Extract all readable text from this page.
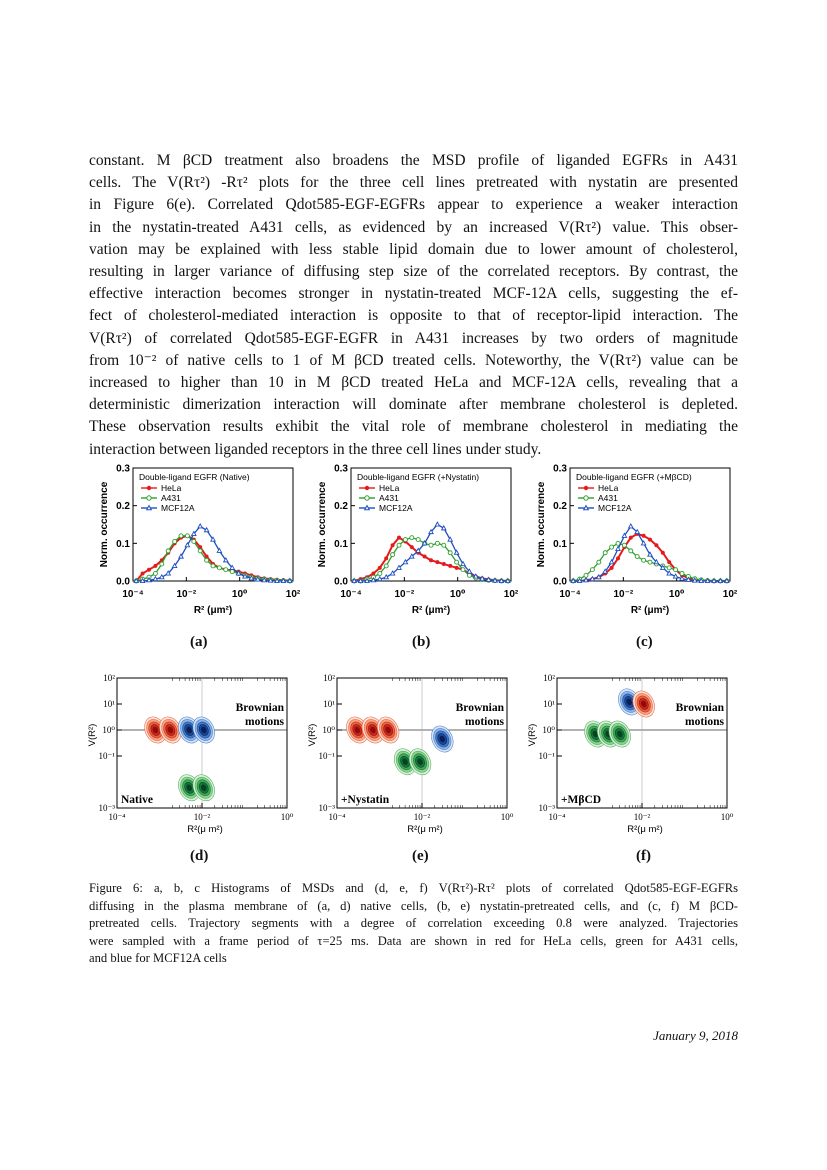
constant. M βCD treatment also broadens the MSD profile of liganded EGFRs in A431
cells. The V(Rτ²) -Rτ² plots for the three cell lines pretreated with nystatin are presented
in Figure 6(e). Correlated Qdot585-EGF-EGFRs appear to experience a weaker interaction
in the nystatin-treated A431 cells, as evidenced by an increased V(Rτ²) value. This obser-
vation may be explained with less stable lipid domain due to lower amount of cholesterol,
resulting in larger variance of diffusing step size of the correlated receptors. By contrast, the
effective interaction becomes stronger in nystatin-treated MCF-12A cells, suggesting the ef-
fect of cholesterol-mediated interaction is opposite to that of receptor-lipid interaction. The
V(Rτ²) of correlated Qdot585-EGF-EGFR in A431 increases by two orders of magnitude
from 10⁻² of native cells to 1 of M βCD treated cells. Noteworthy, the V(Rτ²) value can be
increased to higher than 10 in M βCD treated HeLa and MCF-12A cells, revealing that a
deterministic dimerization interaction will dominate after membrane cholesterol is depleted.
These observation results exhibit the vital role of membrane cholesterol in mediating the
interaction between liganded receptors in the three cell lines under study.
0.0
0.1
0.2
0.3
10⁻⁴	10⁻²	10⁰	10²
Norm. occurrence
R² (μm²)
Double-ligand EGFR (Native)
HeLa
A431
MCF12A
0.0
0.1
0.2
0.3
10⁻⁴	10⁻²	10⁰	10²
Norm. occurrence
R² (μm²)
Double-ligand EGFR (+Nystatin)
HeLa
A431
MCF12A
0.0
0.1
0.2
0.3
10⁻⁴	10⁻²	10⁰	10²
Norm. occurrence
R² (μm²)
Double-ligand EGFR (+MβCD)
HeLa
A431
MCF12A
(a)	(b)	(c)
10⁻⁴	10⁻²	10⁰
10⁻³
10⁻¹
10⁰
10¹
10²
V(R²)
R²(μ m²)
Brownian
motions
Native
10⁻⁴	10⁻²	10⁰
10⁻³
10⁻¹
10⁰
10¹
10²
V(R²)
R²(μ m²)
Brownian
motions
+Nystatin
10⁻⁴	10⁻²	10⁰
10⁻³
10⁻¹
10⁰
10¹
10²
V(R²)
R²(μ m²)
Brownian
motions
+MβCD
(d)	(e)	(f)
Figure 6: a, b, c Histograms of MSDs and (d, e, f) V(Rτ²)-Rτ² plots of correlated Qdot585-EGF-EGFRs
diffusing in the plasma membrane of (a, d) native cells, (b, e) nystatin-pretreated cells, and (c, f) M βCD-
pretreated cells. Trajectory segments with a degree of correlation exceeding 0.8 were analyzed. Trajectories
were sampled with a frame period of τ=25 ms. Data are shown in red for HeLa cells, green for A431 cells,
and blue for MCF12A cells
January 9, 2018
